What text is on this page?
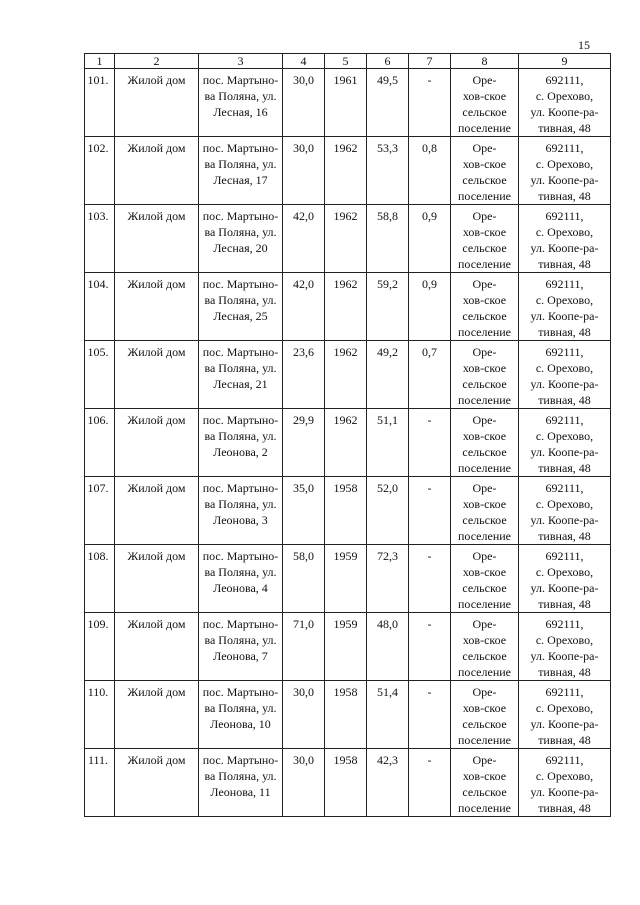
15
1	2	3	4	5	6	7	8	9
101.	Жилой дом	пос. Мартыно-
ва Поляна, ул.
Лесная, 16	30,0	1961	49,5	-	Оре-
хов-ское
сельское
поселение	692111,
с. Орехово,
ул. Коопе-ра-
тивная, 48

102.	Жилой дом	пос. Мартыно-
ва Поляна, ул.
Лесная, 17	30,0	1962	53,3	0,8	Оре-
хов-ское
сельское
поселение	692111,
с. Орехово,
ул. Коопе-ра-
тивная, 48

103.	Жилой дом	пос. Мартыно-
ва Поляна, ул.
Лесная, 20	42,0	1962	58,8	0,9	Оре-
хов-ское
сельское
поселение	692111,
с. Орехово,
ул. Коопе-ра-
тивная, 48

104.	Жилой дом	пос. Мартыно-
ва Поляна, ул.
Лесная, 25	42,0	1962	59,2	0,9	Оре-
хов-ское
сельское
поселение	692111,
с. Орехово,
ул. Коопе-ра-
тивная, 48

105.	Жилой дом	пос. Мартыно-
ва Поляна, ул.
Лесная, 21	23,6	1962	49,2	0,7	Оре-
хов-ское
сельское
поселение	692111,
с. Орехово,
ул. Коопе-ра-
тивная, 48

106.	Жилой дом	пос. Мартыно-
ва Поляна, ул.
Леонова, 2	29,9	1962	51,1	-	Оре-
хов-ское
сельское
поселение	692111,
с. Орехово,
ул. Коопе-ра-
тивная, 48

107.	Жилой дом	пос. Мартыно-
ва Поляна, ул.
Леонова, 3	35,0	1958	52,0	-	Оре-
хов-ское
сельское
поселение	692111,
с. Орехово,
ул. Коопе-ра-
тивная, 48

108.	Жилой дом	пос. Мартыно-
ва Поляна, ул.
Леонова, 4	58,0	1959	72,3	-	Оре-
хов-ское
сельское
поселение	692111,
с. Орехово,
ул. Коопе-ра-
тивная, 48

109.	Жилой дом	пос. Мартыно-
ва Поляна, ул.
Леонова, 7	71,0	1959	48,0	-	Оре-
хов-ское
сельское
поселение	692111,
с. Орехово,
ул. Коопе-ра-
тивная, 48

110.	Жилой дом	пос. Мартыно-
ва Поляна, ул.
Леонова, 10	30,0	1958	51,4	-	Оре-
хов-ское
сельское
поселение	692111,
с. Орехово,
ул. Коопе-ра-
тивная, 48

111.	Жилой дом	пос. Мартыно-
ва Поляна, ул.
Леонова, 11	30,0	1958	42,3	-	Оре-
хов-ское
сельское
поселение	692111,
с. Орехово,
ул. Коопе-ра-
тивная, 48
